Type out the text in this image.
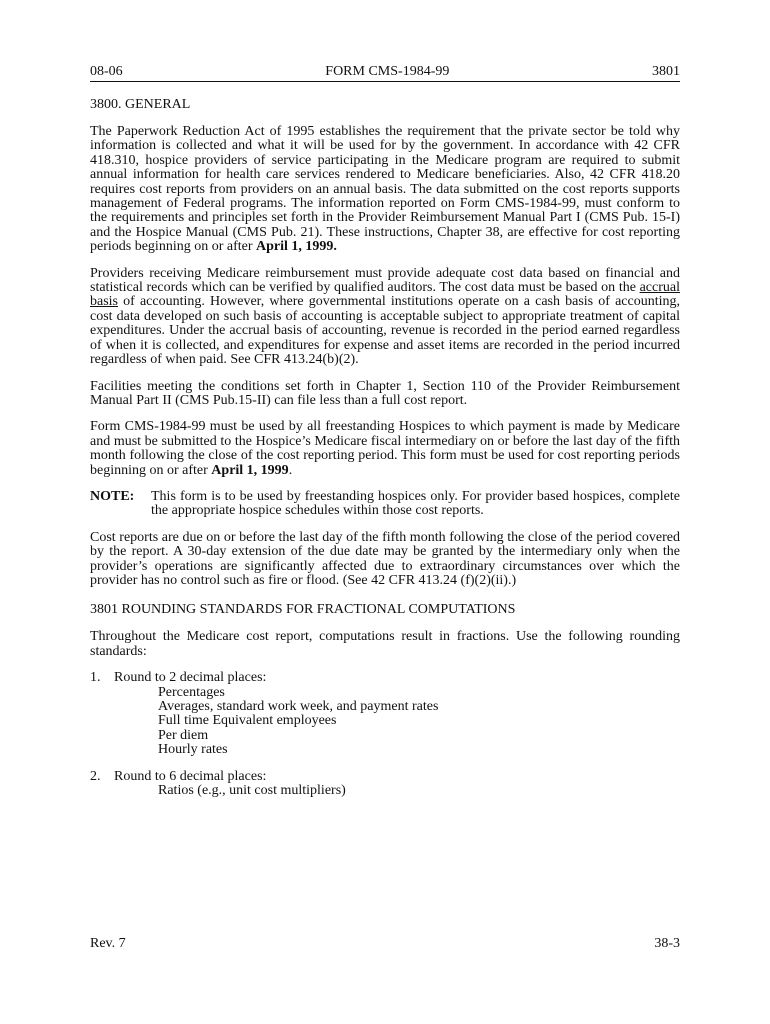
08-06	FORM CMS-1984-99	3801
3800. GENERAL

The Paperwork Reduction Act of 1995 establishes the requirement that the private sector be told why information is collected and what it will be used for by the government. In accordance with 42 CFR 418.310, hospice providers of service participating in the Medicare program are required to submit annual information for health care services rendered to Medicare beneficiaries. Also, 42 CFR 418.20 requires cost reports from providers on an annual basis. The data submitted on the cost reports supports management of Federal programs. The information reported on Form CMS-1984-99, must conform to the requirements and principles set forth in the Provider Reimbursement Manual Part I (CMS Pub. 15-I) and the Hospice Manual (CMS Pub. 21). These instructions, Chapter 38, are effective for cost reporting periods beginning on or after April 1, 1999.

Providers receiving Medicare reimbursement must provide adequate cost data based on financial and statistical records which can be verified by qualified auditors. The cost data must be based on the accrual basis of accounting. However, where governmental institutions operate on a cash basis of accounting, cost data developed on such basis of accounting is acceptable subject to appropriate treatment of capital expenditures. Under the accrual basis of accounting, revenue is recorded in the period earned regardless of when it is collected, and expenditures for expense and asset items are recorded in the period incurred regardless of when paid. See CFR 413.24(b)(2).

Facilities meeting the conditions set forth in Chapter 1, Section 110 of the Provider Reimbursement Manual Part II (CMS Pub.15-II) can file less than a full cost report.

Form CMS-1984-99 must be used by all freestanding Hospices to which payment is made by Medicare and must be submitted to the Hospice’s Medicare fiscal intermediary on or before the last day of the fifth month following the close of the cost reporting period. This form must be used for cost reporting periods beginning on or after April 1, 1999.

NOTE:	This form is to be used by freestanding hospices only. For provider based hospices, complete the appropriate hospice schedules within those cost reports.

Cost reports are due on or before the last day of the fifth month following the close of the period covered by the report. A 30-day extension of the due date may be granted by the intermediary only when the provider’s operations are significantly affected due to extraordinary circumstances over which the provider has no control such as fire or flood. (See 42 CFR 413.24 (f)(2)(ii).)

3801 ROUNDING STANDARDS FOR FRACTIONAL COMPUTATIONS

Throughout the Medicare cost report, computations result in fractions. Use the following rounding standards:

1. Round to 2 decimal places:
Percentages
Averages, standard work week, and payment rates
Full time Equivalent employees
Per diem
Hourly rates
2. Round to 6 decimal places:
Ratios (e.g., unit cost multipliers)
Rev. 7	38-3
